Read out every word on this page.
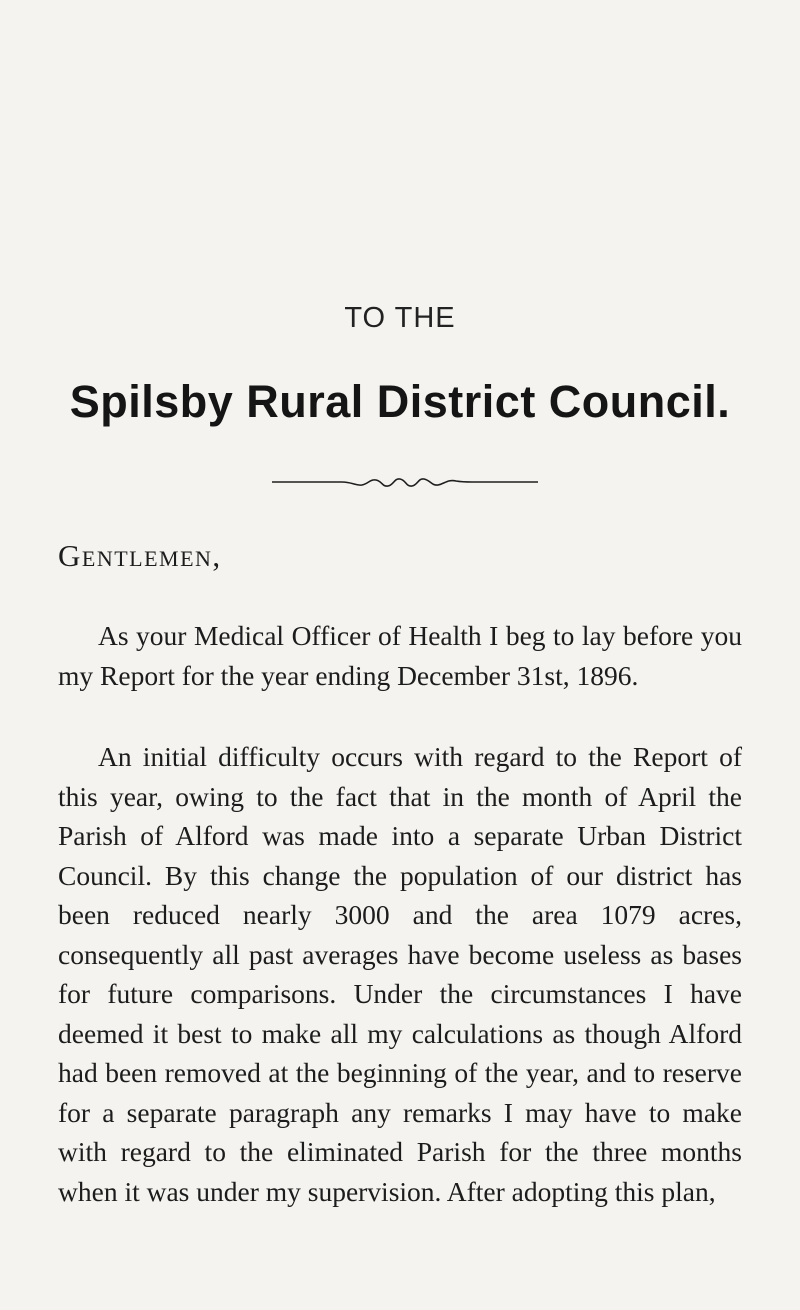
TO THE
Spilsby Rural District Council.
Gentlemen,
As your Medical Officer of Health I beg to lay before you my Report for the year ending December 31st, 1896.
An initial difficulty occurs with regard to the Report of this year, owing to the fact that in the month of April the Parish of Alford was made into a separate Urban District Council. By this change the population of our district has been reduced nearly 3000 and the area 1079 acres, consequently all past averages have become useless as bases for future comparisons. Under the circumstances I have deemed it best to make all my calculations as though Alford had been removed at the beginning of the year, and to reserve for a separate paragraph any remarks I may have to make with regard to the eliminated Parish for the three months when it was under my supervision. After adopting this plan,
